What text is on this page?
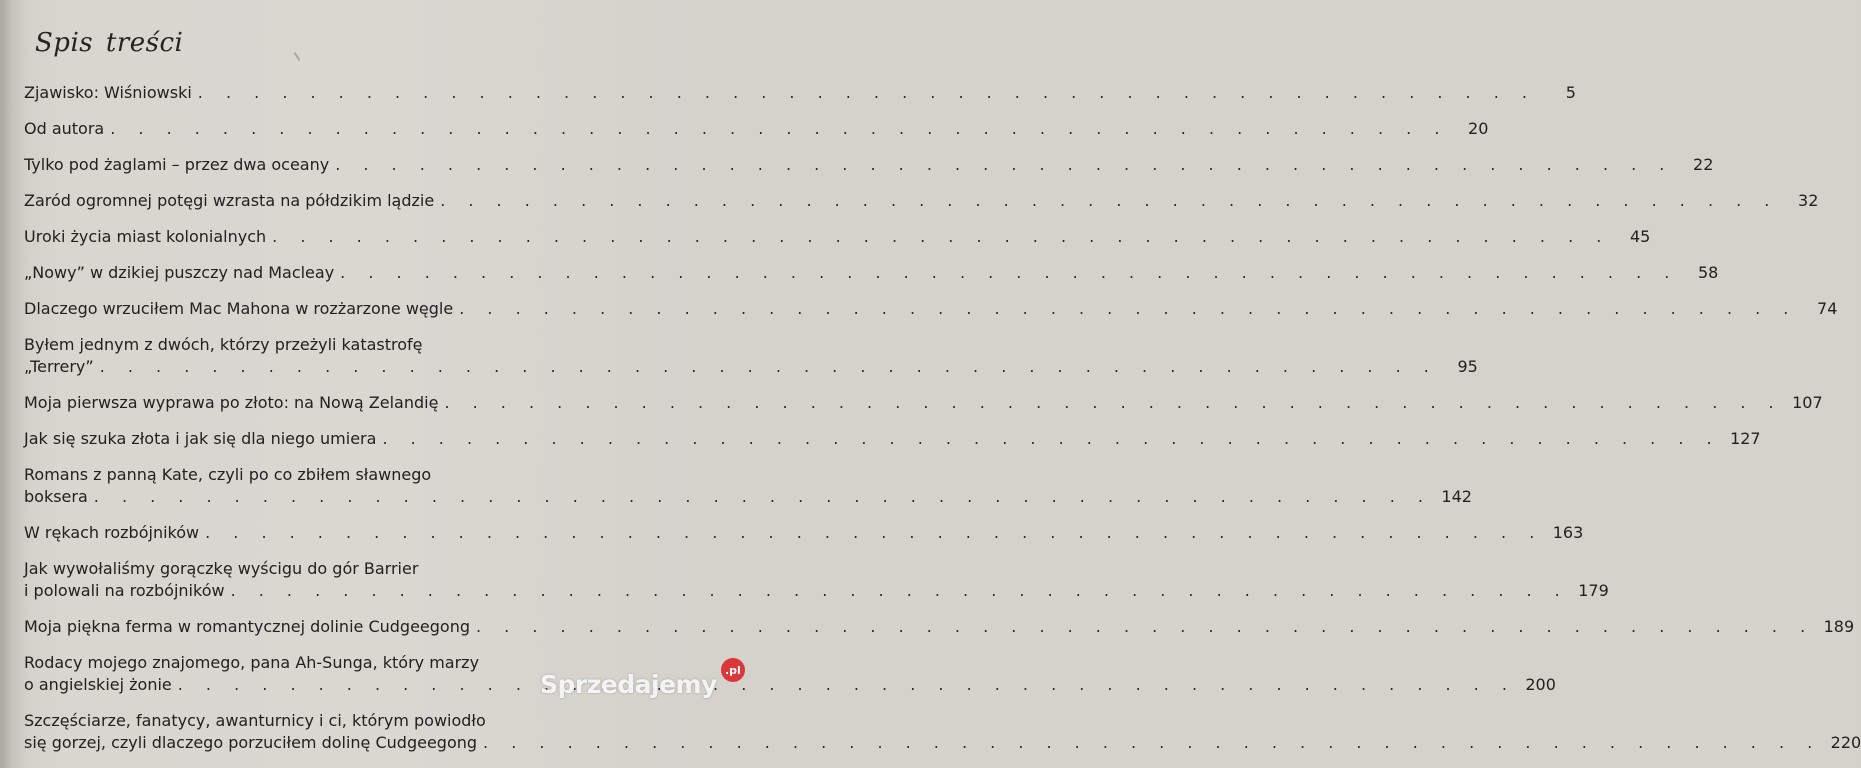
Spis treści
Zjawisko: Wiśniowski . . .	5
Od autora . . .	20
Tylko pod żaglami – przez dwa oceany . . .	22
Zaród ogromnej potęgi wzrasta na półdzikim lądzie . . .	32
Uroki życia miast kolonialnych . . .	45
„Nowy” w dzikiej puszczy nad Macleay . . .	58
Dlaczego wrzuciłem Mac Mahona w rozżarzone węgle . . .	74
Byłem jednym z dwóch, którzy przeżyli katastrofę
„Terrery” . . .	95
Moja pierwsza wyprawa po złoto: na Nową Zelandię . . .	107
Jak się szuka złota i jak się dla niego umiera . . .	127
Romans z panną Kate, czyli po co zbiłem sławnego
boksera . . .	142
W rękach rozbójników . . .	163
Jak wywołaliśmy gorączkę wyścigu do gór Barrier
i polowali na rozbójników . . .	179
Moja piękna ferma w romantycznej dolinie Cudgeegong . . .	189
Rodacy mojego znajomego, pana Ah-Sunga, który marzy
o angielskiej żonie . . .	200
Szczęściarze, fanatycy, awanturnicy i ci, którym powiodło
się gorzej, czyli dlaczego porzuciłem dolinę Cudgeegong . . .	220
Sprzedajemy .pl
